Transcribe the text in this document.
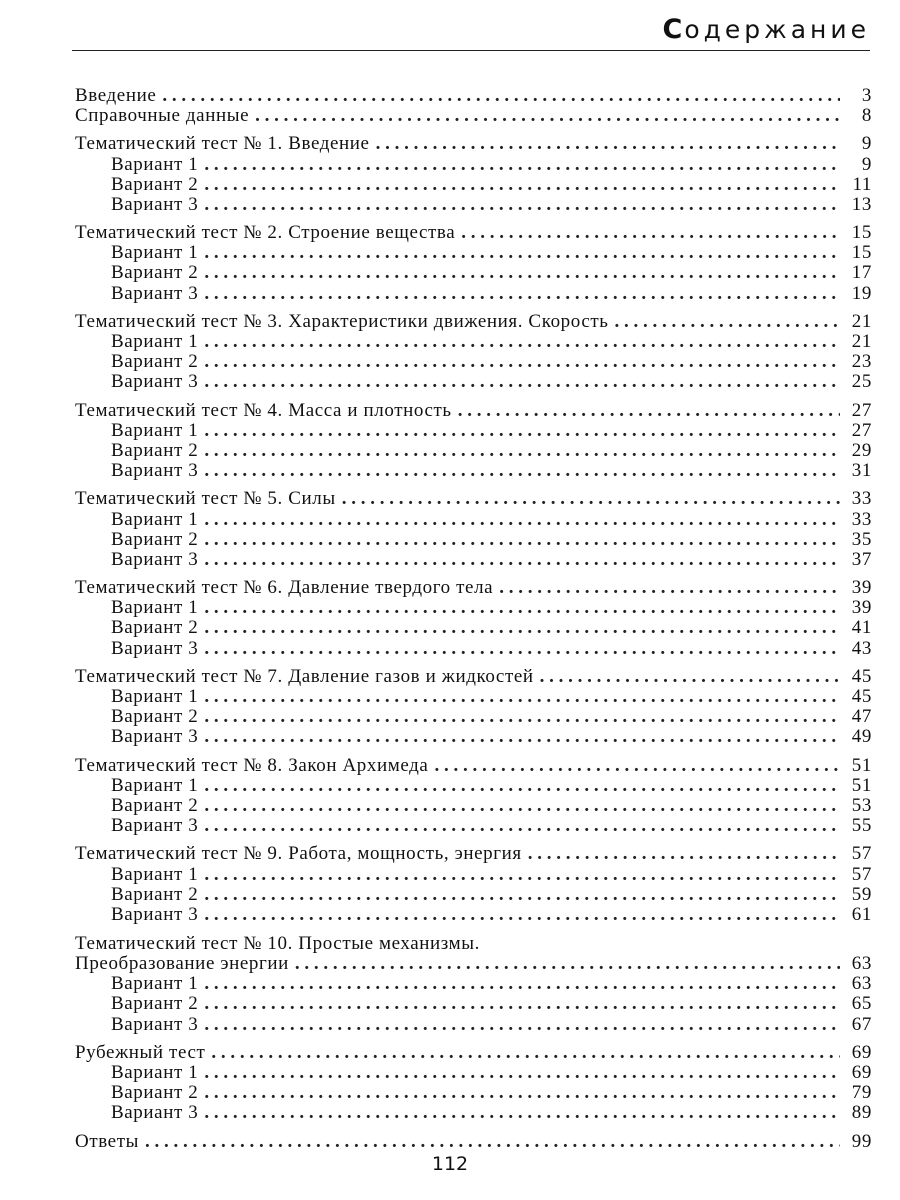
Содержание
Введение . . .	3
Справочные данные . . .	8
Тематический тест № 1. Введение . . .	9
Вариант 1 . . .	9
Вариант 2 . . .	11
Вариант 3 . . .	13
Тематический тест № 2. Строение вещества . . .	15
Вариант 1 . . .	15
Вариант 2 . . .	17
Вариант 3 . . .	19
Тематический тест № 3. Характеристики движения. Скорость . . .	21
Вариант 1 . . .	21
Вариант 2 . . .	23
Вариант 3 . . .	25
Тематический тест № 4. Масса и плотность . . .	27
Вариант 1 . . .	27
Вариант 2 . . .	29
Вариант 3 . . .	31
Тематический тест № 5. Силы . . .	33
Вариант 1 . . .	33
Вариант 2 . . .	35
Вариант 3 . . .	37
Тематический тест № 6. Давление твердого тела . . .	39
Вариант 1 . . .	39
Вариант 2 . . .	41
Вариант 3 . . .	43
Тематический тест № 7. Давление газов и жидкостей . . .	45
Вариант 1 . . .	45
Вариант 2 . . .	47
Вариант 3 . . .	49
Тематический тест № 8. Закон Архимеда . . .	51
Вариант 1 . . .	51
Вариант 2 . . .	53
Вариант 3 . . .	55
Тематический тест № 9. Работа, мощность, энергия . . .	57
Вариант 1 . . .	57
Вариант 2 . . .	59
Вариант 3 . . .	61
Тематический тест № 10. Простые механизмы.
Преобразование энергии . . .	63
Вариант 1 . . .	63
Вариант 2 . . .	65
Вариант 3 . . .	67
Рубежный тест . . .	69
Вариант 1 . . .	69
Вариант 2 . . .	79
Вариант 3 . . .	89
Ответы . . .	99
112
